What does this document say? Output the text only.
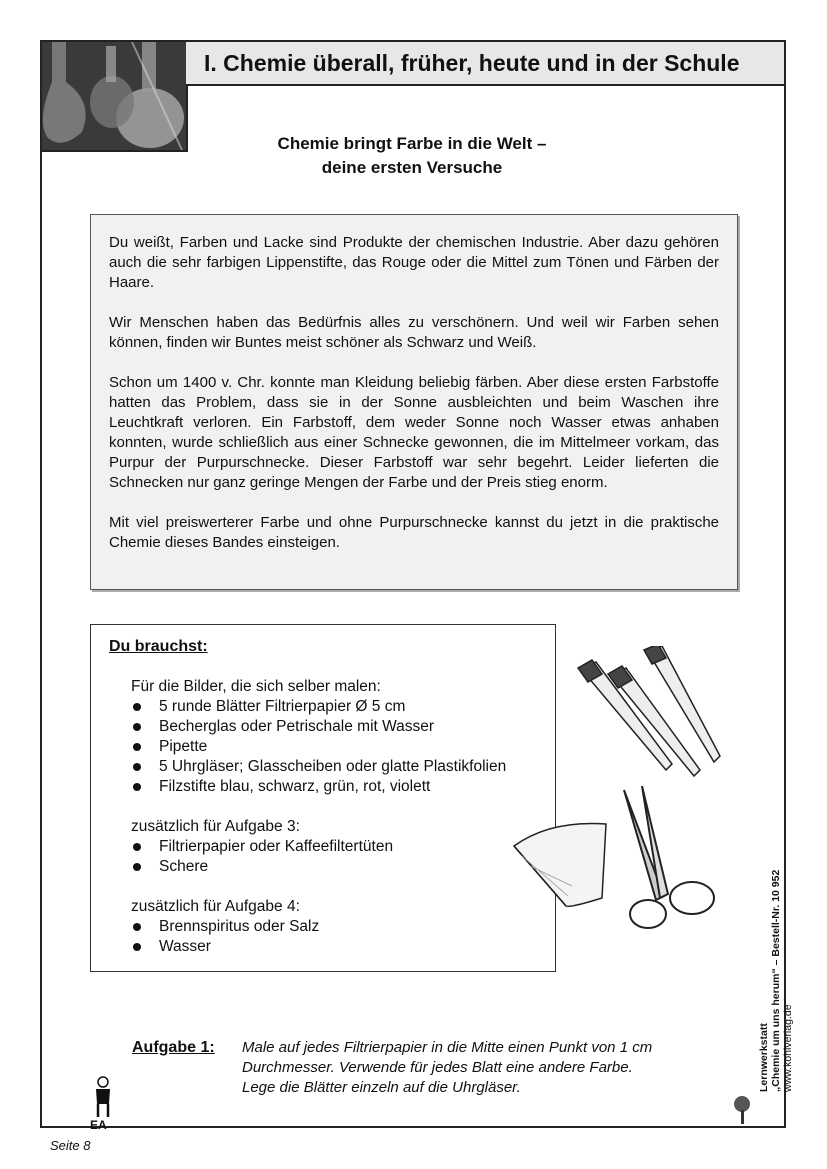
I. Chemie überall, früher, heute und in der Schule
Chemie bringt Farbe in die Welt –
deine ersten Versuche

Du weißt, Farben und Lacke sind Produkte der chemischen Industrie. Aber dazu gehören auch die sehr farbigen Lippenstifte, das Rouge oder die Mittel zum Tönen und Färben der Haare.

Wir Menschen haben das Bedürfnis alles zu verschönern. Und weil wir Farben sehen können, finden wir Buntes meist schöner als Schwarz und Weiß.

Schon um 1400 v. Chr. konnte man Kleidung beliebig färben. Aber diese ersten Farbstoffe hatten das Problem, dass sie in der Sonne ausbleichten und beim Waschen ihre Leuchtkraft verloren. Ein Farbstoff, dem weder Sonne noch Wasser etwas anhaben konnten, wurde schließlich aus einer Schnecke gewonnen, die im Mittelmeer vorkam, das Purpur der Purpurschnecke. Dieser Farbstoff war sehr begehrt. Leider lieferten die Schnecken nur ganz geringe Mengen der Farbe und der Preis stieg enorm.

Mit viel preiswerterer Farbe und ohne Purpurschnecke kannst du jetzt in die praktische Chemie dieses Bandes einsteigen.

Du brauchst:
Für die Bilder, die sich selber malen:
5 runde Blätter Filtrierpapier Ø 5 cm
Becherglas oder Petrischale mit Wasser
Pipette
5 Uhrgläser; Glasscheiben oder glatte Plastikfolien
Filzstifte blau, schwarz, grün, rot, violett
zusätzlich für Aufgabe 3:
Filtrierpapier oder Kaffeefiltertüten
Schere
zusätzlich für Aufgabe 4:
Brennspiritus oder Salz
Wasser
EA
Aufgabe 1: Male auf jedes Filtrierpapier in die Mitte einen Punkt von 1 cm
Durchmesser. Verwende für jedes Blatt eine andere Farbe.
Lege die Blätter einzeln auf die Uhrgläser.	Lernwerkstatt „Chemie um uns herum“ – Bestell-Nr. 10 952 www.kohlverlag.de
Seite 8
